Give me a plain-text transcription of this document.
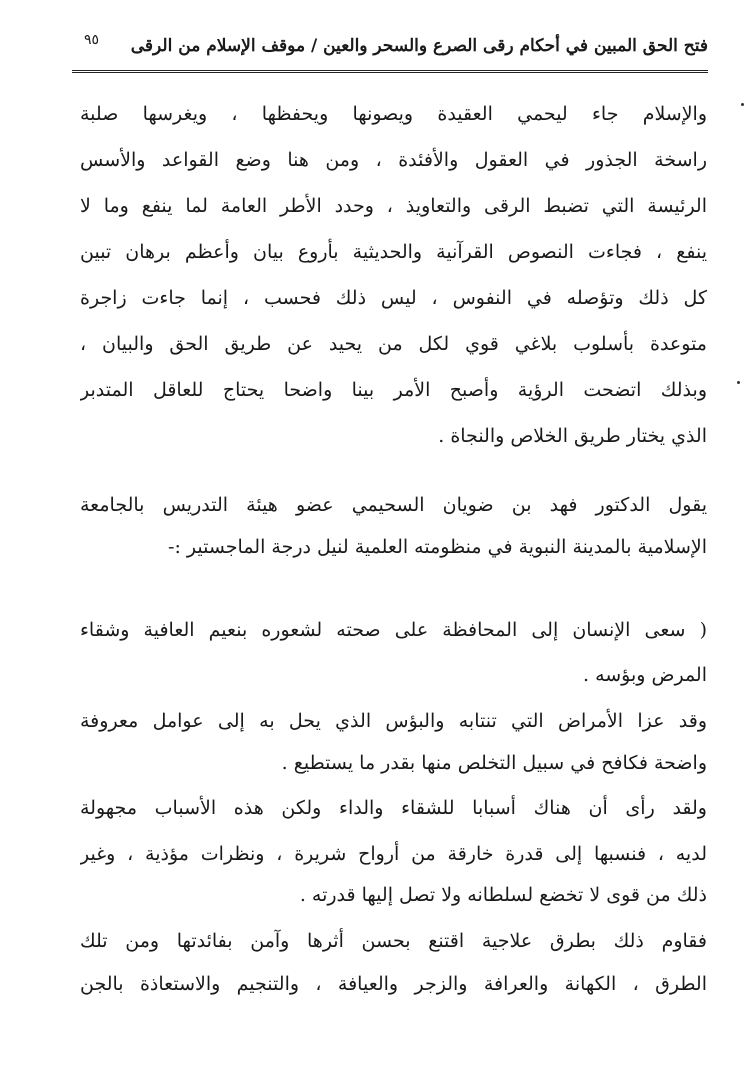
فتح الحق المبين في أحكام رقى الصرع والسحر والعين / موقف الإسلام من الرقى
٩٥
والإسلام جاء ليحمي العقيدة ويصونها ويحفظها ، ويغرسها صلبة
راسخة الجذور في العقول والأفئدة ، ومن هنا وضع القواعد والأسس
الرئيسة التي تضبط الرقى والتعاويذ ، وحدد الأطر العامة لما ينفع وما لا
ينفع ، فجاءت النصوص القرآنية والحديثية بأروع بيان وأعظم برهان تبين
كل ذلك وتؤصله في النفوس ، ليس ذلك فحسب ، إنما جاءت زاجرة
متوعدة بأسلوب بلاغي قوي لكل من يحيد عن طريق الحق والبيان ،
وبذلك اتضحت الرؤية وأصبح الأمر بينا واضحا يحتاج للعاقل المتدبر
الذي يختار طريق الخلاص والنجاة .
يقول الدكتور فهد بن ضويان السحيمي عضو هيئة التدريس بالجامعة
الإسلامية بالمدينة النبوية في منظومته العلمية لنيل درجة الماجستير :-
( سعى الإنسان إلى المحافظة على صحته لشعوره بنعيم العافية وشقاء
المرض وبؤسه .
وقد عزا الأمراض التي تنتابه والبؤس الذي يحل به إلى عوامل معروفة
واضحة فكافح في سبيل التخلص منها بقدر ما يستطيع .
ولقد رأى أن هناك أسبابا للشقاء والداء ولكن هذه الأسباب مجهولة
لديه ، فنسبها إلى قدرة خارقة من أرواح شريرة ، ونظرات مؤذية ، وغير
ذلك من قوى لا تخضع لسلطانه ولا تصل إليها قدرته .
فقاوم ذلك بطرق علاجية اقتنع بحسن أثرها وآمن بفائدتها ومن تلك
الطرق ، الكهانة والعرافة والزجر والعيافة ، والتنجيم والاستعاذة بالجن
